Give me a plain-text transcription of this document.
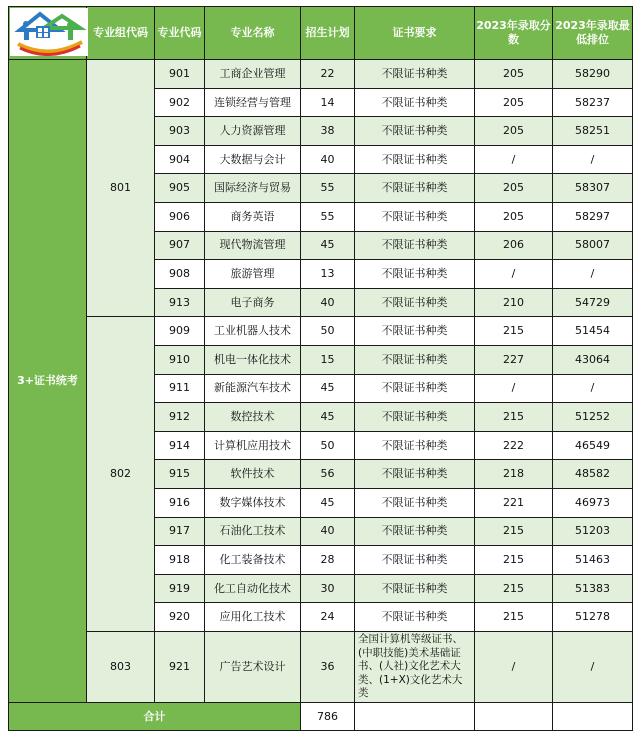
	专业组代码	专业代码	专业名称	招生计划	证书要求	2023年录取分数	2023年录取最低排位
3+证书统考	801	901	工商企业管理	22	不限证书种类	205	58290
		902	连锁经营与管理	14	不限证书种类	205	58237
		903	人力资源管理	38	不限证书种类	205	58251
		904	大数据与会计	40	不限证书种类	/	/
		905	国际经济与贸易	55	不限证书种类	205	58307
		906	商务英语	55	不限证书种类	205	58297
		907	现代物流管理	45	不限证书种类	206	58007
		908	旅游管理	13	不限证书种类	/	/
		913	电子商务	40	不限证书种类	210	54729
	802	909	工业机器人技术	50	不限证书种类	215	51454
		910	机电一体化技术	15	不限证书种类	227	43064
		911	新能源汽车技术	45	不限证书种类	/	/
		912	数控技术	45	不限证书种类	215	51252
		914	计算机应用技术	50	不限证书种类	222	46549
		915	软件技术	56	不限证书种类	218	48582
		916	数字媒体技术	45	不限证书种类	221	46973
		917	石油化工技术	40	不限证书种类	215	51203
		918	化工装备技术	28	不限证书种类	215	51463
		919	化工自动化技术	30	不限证书种类	215	51383
		920	应用化工技术	24	不限证书种类	215	51278
	803	921	广告艺术设计	36	全国计算机等级证书、(中职技能)美术基础证书、(人社)文化艺术大类、(1+X)文化艺术大类	/	/
合计				786			
